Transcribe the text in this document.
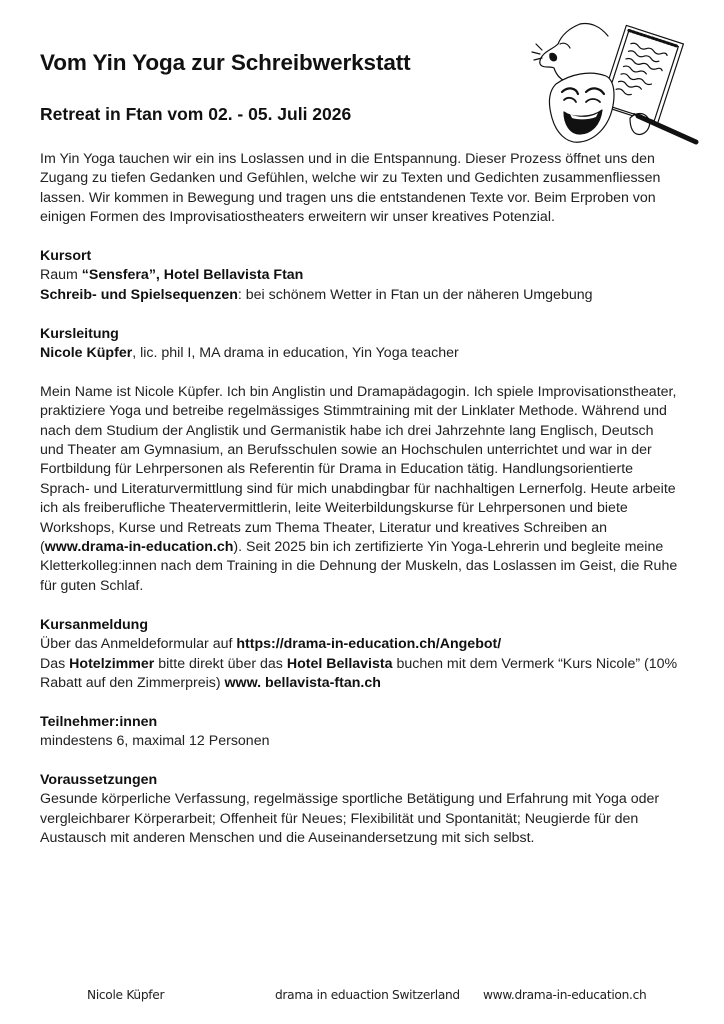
Vom Yin Yoga zur Schreibwerkstatt
Retreat in Ftan vom 02. - 05. Juli 2026

Im Yin Yoga tauchen wir ein ins Loslassen und in die Entspannung. Dieser Prozess öffnet uns den Zugang zu tiefen Gedanken und Gefühlen, welche wir zu Texten und Gedichten zusammenfliessen lassen. Wir kommen in Bewegung und tragen uns die entstandenen Texte vor. Beim Erproben von einigen Formen des Improvisatiostheaters erweitern wir unser kreatives Potenzial.

Kursort

Raum “Sensfera”, Hotel Bellavista Ftan

Schreib- und Spielsequenzen: bei schönem Wetter in Ftan un der näheren Umgebung

Kursleitung

Nicole Küpfer, lic. phil I, MA drama in education, Yin Yoga teacher

Mein Name ist Nicole Küpfer. Ich bin Anglistin und Dramapädagogin. Ich spiele Improvisationstheater, praktiziere Yoga und betreibe regelmässiges Stimmtraining mit der Linklater Methode. Während und nach dem Studium der Anglistik und Germanistik habe ich drei Jahrzehnte lang Englisch, Deutsch und Theater am Gymnasium, an Berufsschulen sowie an Hochschulen unterrichtet und war in der Fortbildung für Lehrpersonen als Referentin für Drama in Education tätig. Handlungsorientierte Sprach- und Literaturvermittlung sind für mich unabdingbar für nachhaltigen Lernerfolg. Heute arbeite ich als freiberufliche Theatervermittlerin, leite Weiterbildungskurse für Lehrpersonen und biete Workshops, Kurse und Retreats zum Thema Theater, Literatur und kreatives Schreiben an (www.drama-in-education.ch). Seit 2025 bin ich zertifizierte Yin Yoga-Lehrerin und begleite meine Kletterkolleg:innen nach dem Training in die Dehnung der Muskeln, das Loslassen im Geist, die Ruhe für guten Schlaf.

Kursanmeldung

Über das Anmeldeformular auf https://drama-in-education.ch/Angebot/

Das Hotelzimmer bitte direkt über das Hotel Bellavista buchen mit dem Vermerk “Kurs Nicole” (10% Rabatt auf den Zimmerpreis) www. bellavista-ftan.ch

Teilnehmer:innen

mindestens 6, maximal 12 Personen

Voraussetzungen

Gesunde körperliche Verfassung, regelmässige sportliche Betätigung und Erfahrung mit Yoga oder vergleichbarer Körperarbeit; Offenheit für Neues; Flexibilität und Spontanität; Neugierde für den Austausch mit anderen Menschen und die Auseinandersetzung mit sich selbst.

Nicole Küpfer	drama in eduaction Switzerland www.drama-in-education.ch
